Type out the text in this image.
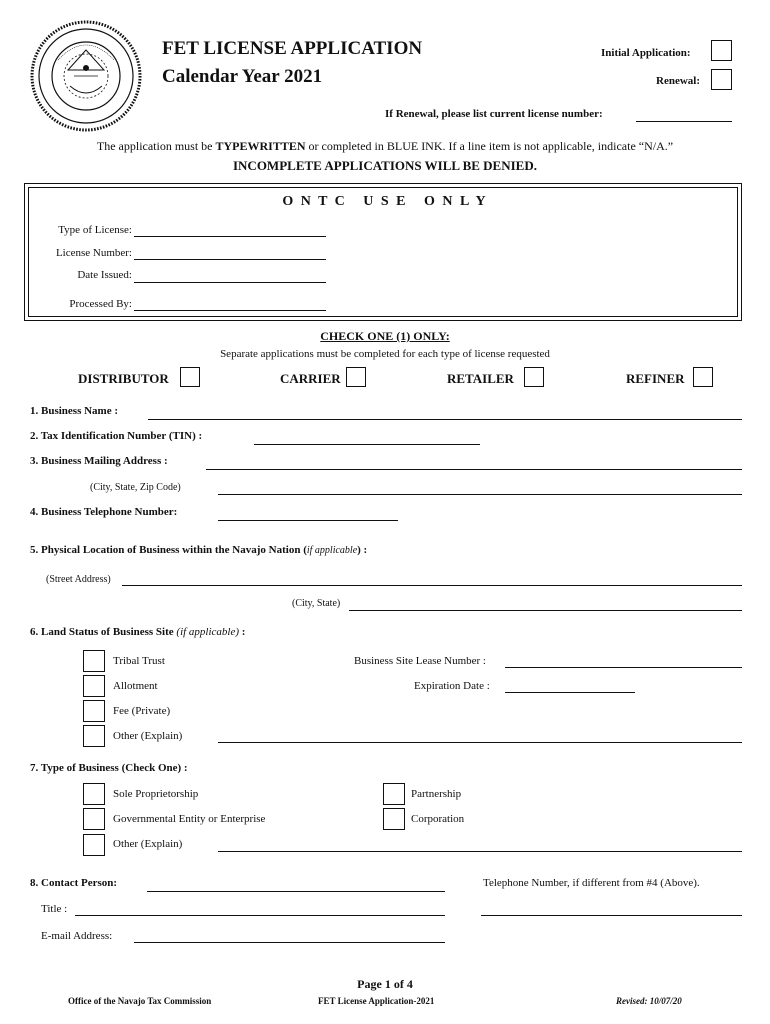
FET LICENSE APPLICATION
Calendar Year 2021
Initial Application:
Renewal:
If Renewal, please list current license number:
The application must be TYPEWRITTEN or completed in BLUE INK. If a line item is not applicable, indicate “N/A.”
INCOMPLETE APPLICATIONS WILL BE DENIED.
O N T C   U S E   O N L Y
Type of License:
License Number:
Date Issued:
Processed By:
CHECK ONE (1) ONLY:
Separate applications must be completed for each type of license requested
DISTRIBUTOR	CARRIER	RETAILER	REFINER
1. Business Name :
2. Tax Identification Number (TIN) :
3. Business Mailing Address :
(City, State, Zip Code)
4. Business Telephone Number:
5. Physical Location of Business within the Navajo Nation (if applicable) :
(Street Address)
(City, State)
6. Land Status of Business Site (if applicable) :
Tribal Trust
Allotment
Fee (Private)
Other (Explain)
Business Site Lease Number :
Expiration Date :
7. Type of Business (Check One) :
Sole Proprietorship
Governmental Entity or Enterprise
Other (Explain)
Partnership
Corporation
8. Contact Person:	Telephone Number, if different from #4 (Above).
Title :
E-mail Address:
Page 1 of 4
Office of the Navajo Tax Commission	FET License Application-2021	Revised: 10/07/20
